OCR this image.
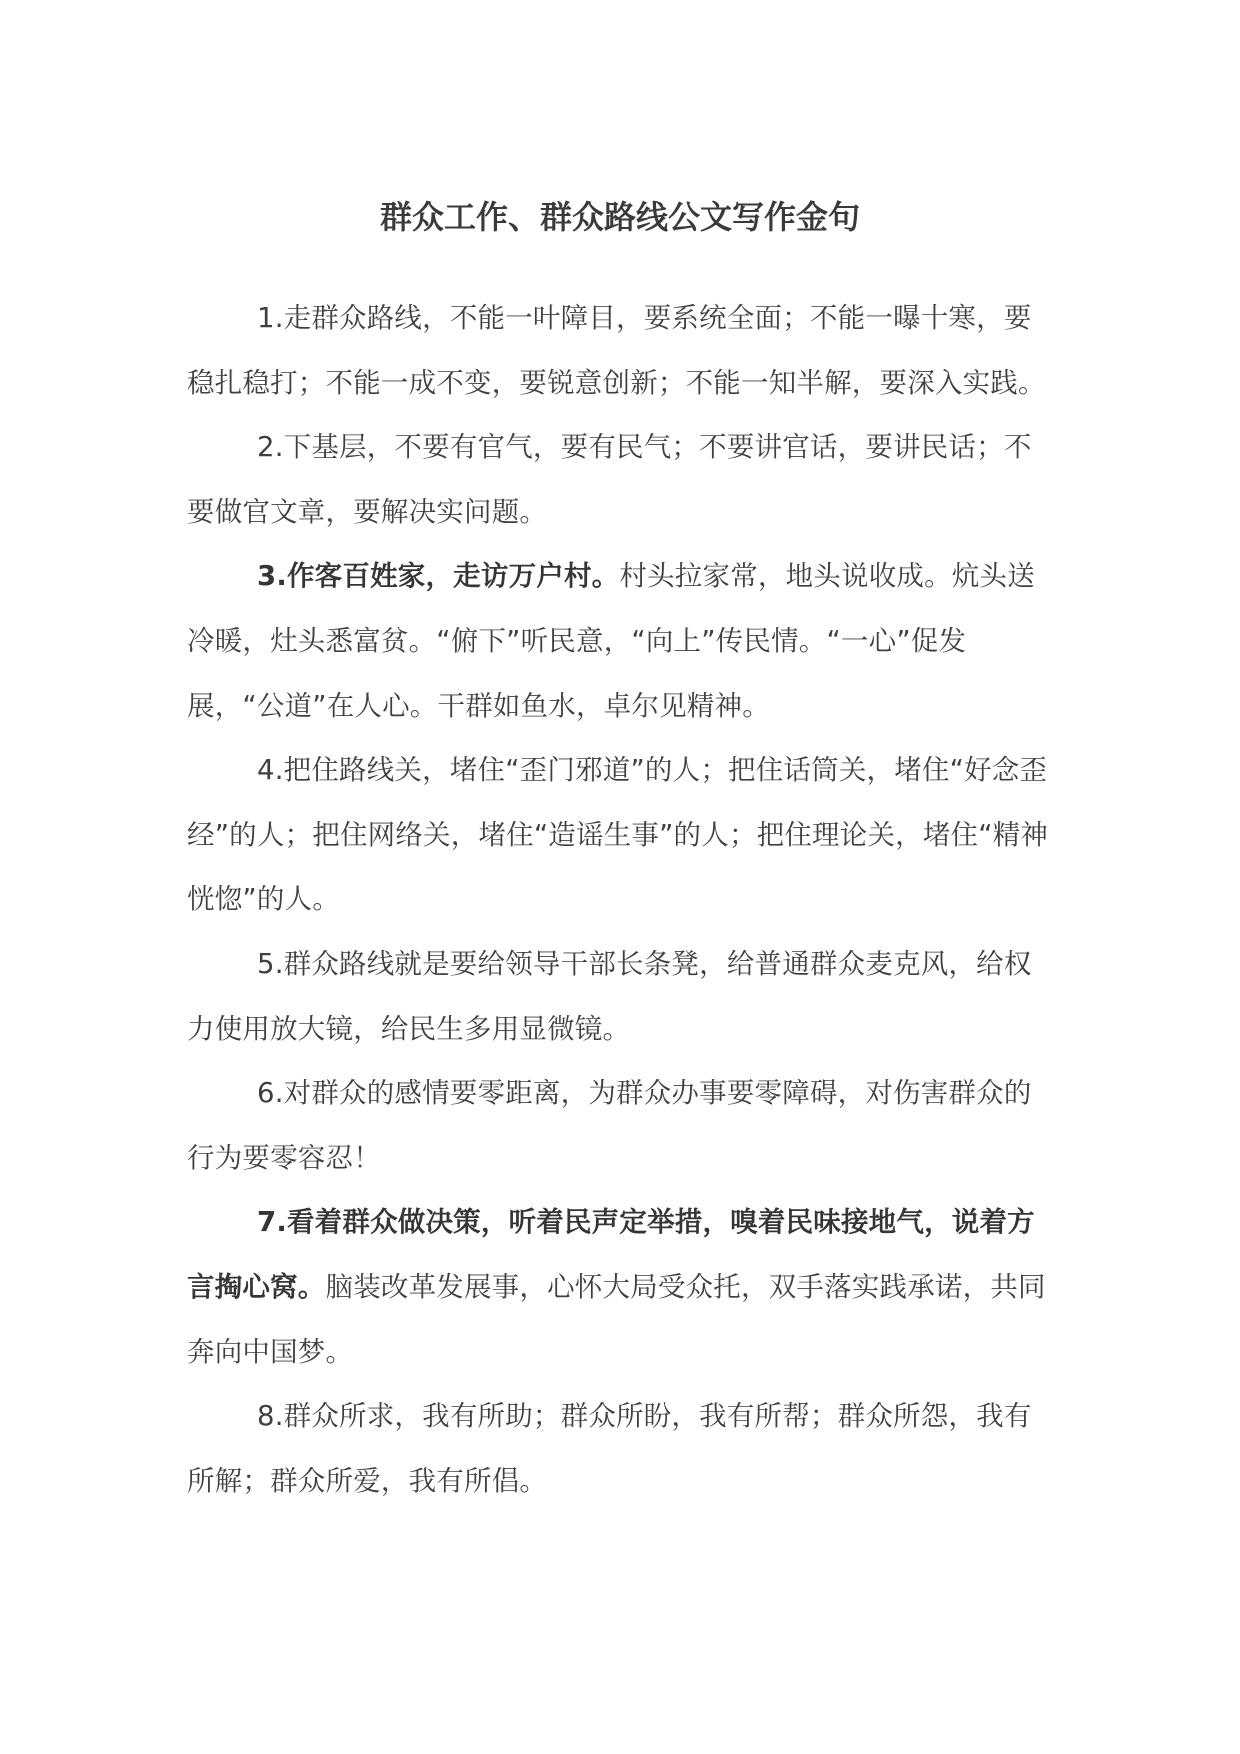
群众工作、群众路线公文写作金句

1.走群众路线，不能一叶障目，要系统全面；不能一曝十寒，要稳扎稳打；不能一成不变，要锐意创新；不能一知半解，要深入实践。

2.下基层，不要有官气，要有民气；不要讲官话，要讲民话；不要做官文章，要解决实问题。

3.作客百姓家，走访万户村。村头拉家常，地头说收成。炕头送冷暖，灶头悉富贫。“俯下”听民意，“向上”传民情。“一心”促发展，“公道”在人心。干群如鱼水，卓尔见精神。

4.把住路线关，堵住“歪门邪道”的人；把住话筒关，堵住“好念歪经”的人；把住网络关，堵住“造谣生事”的人；把住理论关，堵住“精神恍惚”的人。

5.群众路线就是要给领导干部长条凳，给普通群众麦克风，给权力使用放大镜，给民生多用显微镜。

6.对群众的感情要零距离，为群众办事要零障碍，对伤害群众的行为要零容忍！

7.看着群众做决策，听着民声定举措，嗅着民味接地气，说着方言掏心窝。脑装改革发展事，心怀大局受众托，双手落实践承诺，共同奔向中国梦。

8.群众所求，我有所助；群众所盼，我有所帮；群众所怨，我有所解；群众所爱，我有所倡。
